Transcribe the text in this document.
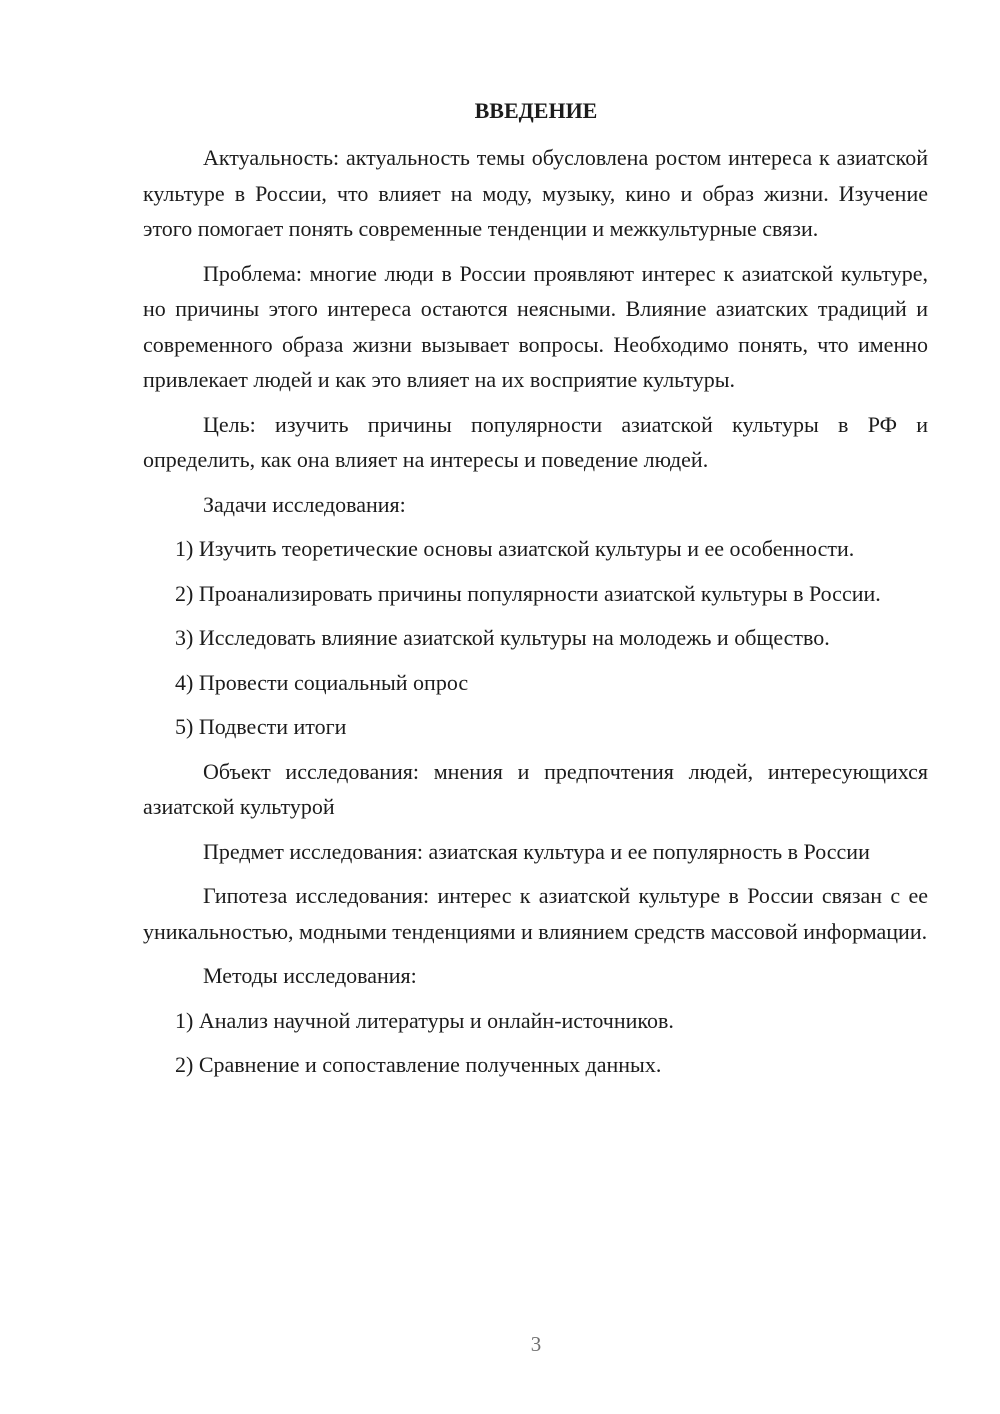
ВВЕДЕНИЕ

Актуальность: актуальность темы обусловлена ростом интереса к азиатской культуре в России, что влияет на моду, музыку, кино и образ жизни. Изучение этого помогает понять современные тенденции и межкультурные связи.

Проблема: многие люди в России проявляют интерес к азиатской культуре, но причины этого интереса остаются неясными. Влияние азиатских традиций и современного образа жизни вызывает вопросы. Необходимо понять, что именно привлекает людей и как это влияет на их восприятие культуры.

Цель: изучить причины популярности азиатской культуры в РФ и определить, как она влияет на интересы и поведение людей.

Задачи исследования:

1) Изучить теоретические основы азиатской культуры и ее особенности.

2) Проанализировать причины популярности азиатской культуры в России.

3) Исследовать влияние азиатской культуры на молодежь и общество.

4) Провести социальный опрос

5) Подвести итоги

Объект исследования: мнения и предпочтения людей, интересующихся азиатской культурой

Предмет исследования: азиатская культура и ее популярность в России

Гипотеза исследования: интерес к азиатской культуре в России связан с ее уникальностью, модными тенденциями и влиянием средств массовой информации.

Методы исследования:

1) Анализ научной литературы и онлайн-источников.

2) Сравнение и сопоставление полученных данных.

3
